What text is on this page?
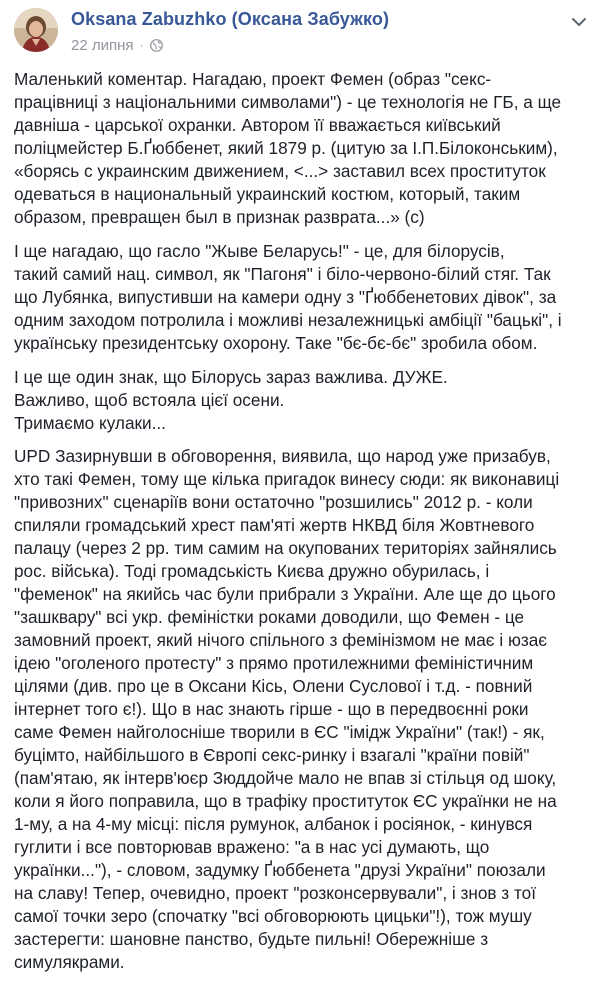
Oksana Zabuzhko (Оксана Забужко)
22 липня ·

Маленький коментар. Нагадаю, проект Фемен (образ "секс-
працівниці з національними символами") - це технологія не ГБ, а ще
давніша - царської охранки. Автором її вважається київський
поліцмейстер Б.Ґюббенет, який 1879 р. (цитую за І.П.Білоконським),
«борясь с украинским движением, <...> заставил всех проституток
одеваться в национальный украинский костюм, который, таким
образом, превращен был в признак разврата...» (с)

І ще нагадаю, що гасло "Жыве Беларусь!" - це, для білорусів,
такий самий нац. символ, як "Пагоня" і біло-червоно-білий стяг. Так
що Лубянка, випустивши на камери одну з "Ґюббенетових дівок", за
одним заходом потролила і можливі незалежницькі амбіції "бацькі", і
українську президентську охорону. Таке "бє-бє-бє" зробила обом.

І це ще один знак, що Білорусь зараз важлива. ДУЖЕ.
Важливо, щоб встояла цієї осени.
Тримаємо кулаки...

UPD Зазирнувши в обговорення, виявила, що народ уже призабув,
хто такі Фемен, тому ще кілька пригадок винесу сюди: як виконавиці
"привозних" сценаріїв вони остаточно "розшились" 2012 р. - коли
спиляли громадський хрест пам'яті жертв НКВД біля Жовтневого
палацу (через 2 рр. тим самим на окупованих територіях зайнялись
рос. війська). Тоді громадськість Києва дружно обурилась, і
"феменок" на якийсь час були прибрали з України. Але ще до цього
"зашквару" всі укр. феміністки роками доводили, що Фемен - це
замовний проект, який нічого спільного з фемінізмом не має і юзає
ідею "оголеного протесту" з прямо протилежними феміністичним
цілями (див. про це в Оксани Кісь, Олени Суслової і т.д. - повний
інтернет того є!). Що в нас знають гірше - що в передвоєнні роки
саме Фемен найголосніше творили в ЄС "імідж України" (так!) - як,
буцімто, найбільшого в Європі секс-ринку і взагалі "країни повій"
(пам'ятаю, як інтерв'юєр Зюддойче мало не впав зі стільця од шоку,
коли я його поправила, що в трафіку проституток ЄС українки не на
1-му, а на 4-му місці: після румунок, албанок і росіянок, - кинувся
гуглити і все повторював вражено: "а в нас усі думають, що
українки..."), - словом, задумку Ґюббенета "друзі України" поюзали
на славу! Тепер, очевидно, проект "розконсервували", і знов з тої
самої точки зеро (спочатку "всі обговорюють цицьки"!), тож мушу
застерегти: шановне панство, будьте пильні! Обережніше з
симулякрами.
